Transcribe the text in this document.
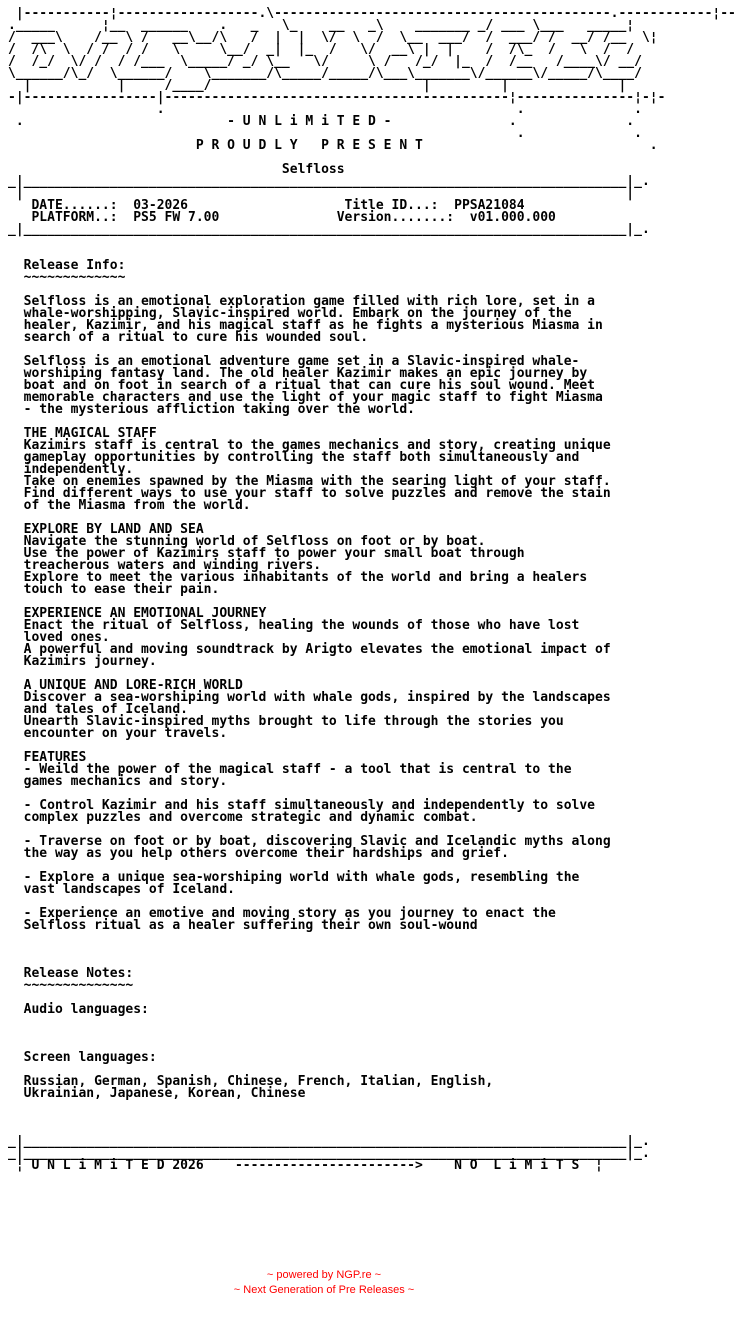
|-----------¦------------------.\-------------------------------------------.------------¦--
._____      ¦__  ______    .   _   \_    __   _\    _______ _/ ___ \___   _____¦
/  ___\    /__ \ /   __\__/\   /  |  |  \/  \  /  \__  ___/  /  ___/ /  __/ /__  \¦
/  /\  \  / /  / /   \     \__/  _|  |_  /   \/  __\ |  |    /  /\_  /   \  /  /
/  /_/  \/ /  / /___  \_____/ _/ \__   \/     \ /   /_/  |_  /  /__   /____\/ __/
\______/\_/  \______/    \_______/\_____/_____/\___\_______\/______\/_____/\____/
|           |     /____/                           |         |              |
-|-----------------|--------------------------------------------¦---------------¦-¦-
.                                             .              .
.                          - U N L i M i T E D -               .              .
.              .
P R O U D L Y   P R E S E N T                             .

Selfloss
_|_____________________________________________________________________________|_.
|                                                                             |
DATE......:  03-2026                    Title ID...:  PPSA21084
PLATFORM..:  PS5 FW 7.00               Version.......:  v01.000.000
_|_____________________________________________________________________________|_.

Release Info:
~~~~~~~~~~~~~

Selfloss is an emotional exploration game filled with rich lore, set in a
whale-worshipping, Slavic-inspired world. Embark on the journey of the
healer, Kazimir, and his magical staff as he fights a mysterious Miasma in
search of a ritual to cure his wounded soul.

Selfloss is an emotional adventure game set in a Slavic-inspired whale-
worshiping fantasy land. The old healer Kazimir makes an epic journey by
boat and on foot in search of a ritual that can cure his soul wound. Meet
memorable characters and use the light of your magic staff to fight Miasma
- the mysterious affliction taking over the world.

THE MAGICAL STAFF
Kazimirs staff is central to the games mechanics and story, creating unique
gameplay opportunities by controlling the staff both simultaneously and
independently.
Take on enemies spawned by the Miasma with the searing light of your staff.
Find different ways to use your staff to solve puzzles and remove the stain
of the Miasma from the world.

EXPLORE BY LAND AND SEA
Navigate the stunning world of Selfloss on foot or by boat.
Use the power of Kazimirs staff to power your small boat through
treacherous waters and winding rivers.
Explore to meet the various inhabitants of the world and bring a healers
touch to ease their pain.

EXPERIENCE AN EMOTIONAL JOURNEY
Enact the ritual of Selfloss, healing the wounds of those who have lost
loved ones.
A powerful and moving soundtrack by Arigto elevates the emotional impact of
Kazimirs journey.

A UNIQUE AND LORE-RICH WORLD
Discover a sea-worshiping world with whale gods, inspired by the landscapes
and tales of Iceland.
Unearth Slavic-inspired myths brought to life through the stories you
encounter on your travels.

FEATURES
- Weild the power of the magical staff - a tool that is central to the
games mechanics and story.

- Control Kazimir and his staff simultaneously and independently to solve
complex puzzles and overcome strategic and dynamic combat.

- Traverse on foot or by boat, discovering Slavic and Icelandic myths along
the way as you help others overcome their hardships and grief.

- Explore a unique sea-worshiping world with whale gods, resembling the
vast landscapes of Iceland.

- Experience an emotive and moving story as you journey to enact the
Selfloss ritual as a healer suffering their own soul-wound

Release Notes:
~~~~~~~~~~~~~~

Audio languages:

Screen languages:

Russian, German, Spanish, Chinese, French, Italian, English,
Ukrainian, Japanese, Korean, Chinese

_|_____________________________________________________________________________|_.
_|_____________________________________________________________________________|_.
¦ U N L i M i T E D 2026    ----------------------->    N O  L i M i T S  ¦

~ powered by NGP.re ~
~ Next Generation of Pre Releases ~
